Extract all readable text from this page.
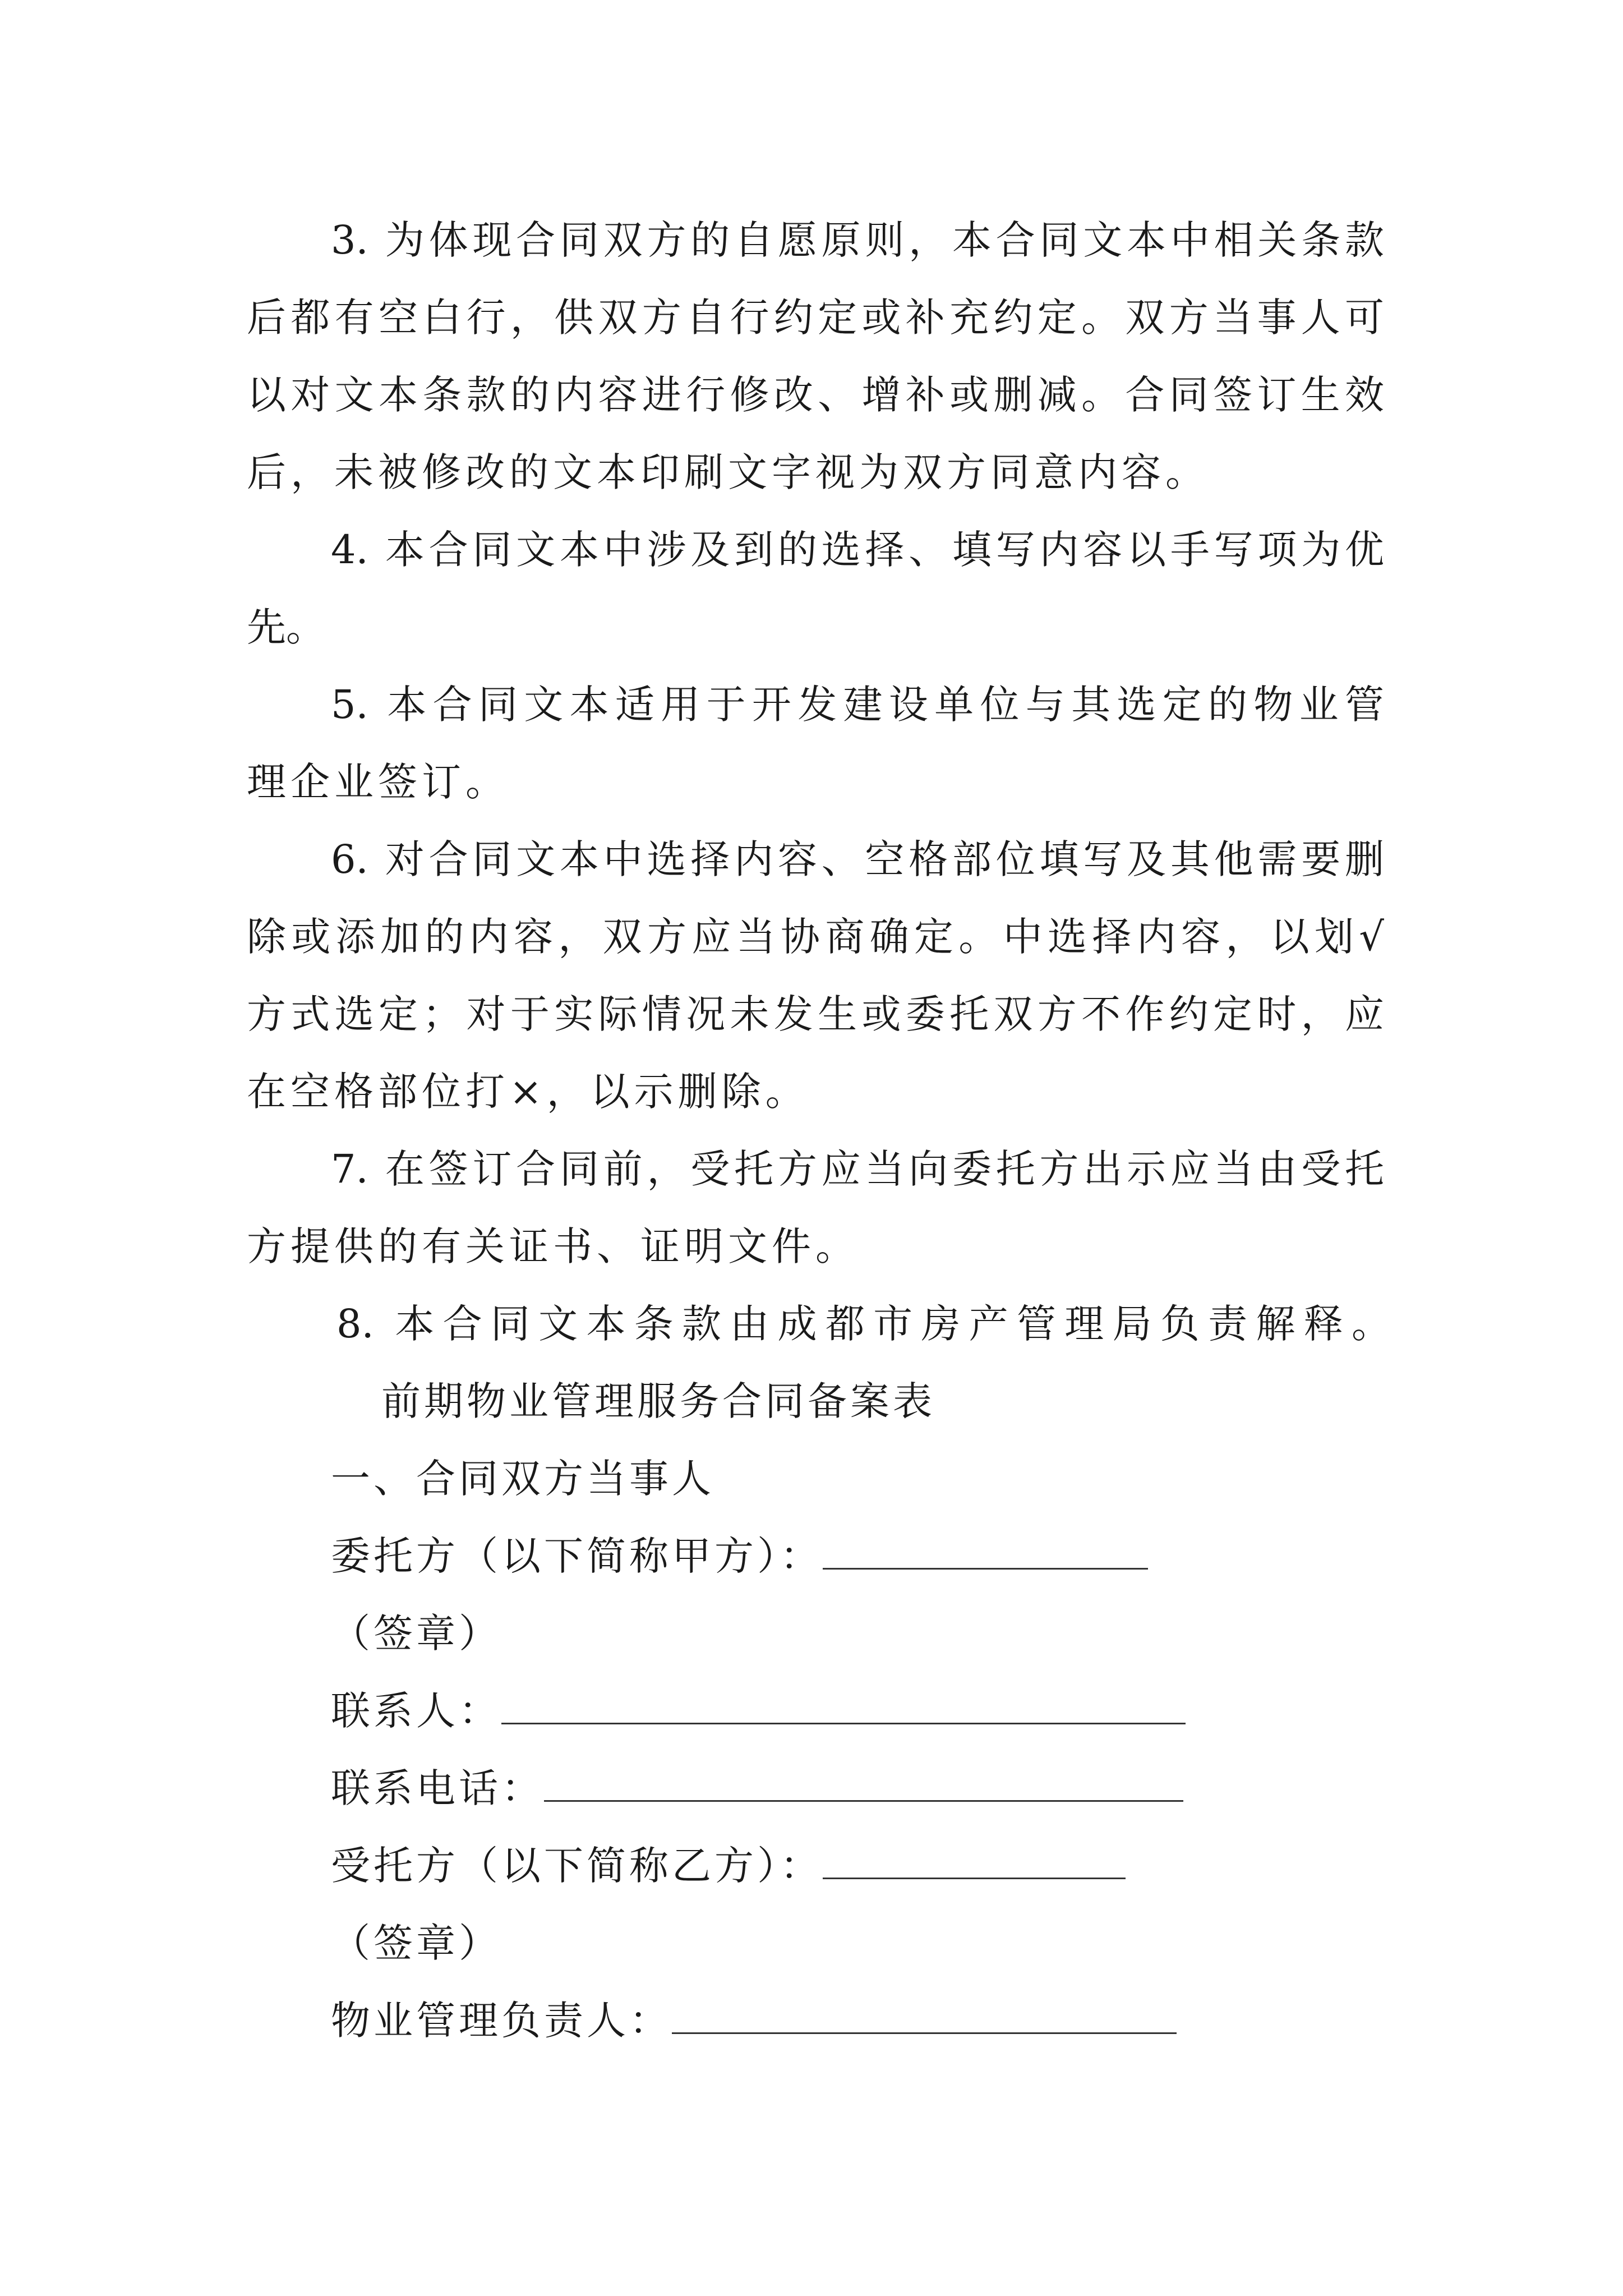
3. 为体现合同双方的自愿原则，本合同文本中相关条款
后都有空白行，供双方自行约定或补充约定。双方当事人可
以对文本条款的内容进行修改、增补或删减。合同签订生效
后，未被修改的文本印刷文字视为双方同意内容。
4. 本合同文本中涉及到的选择、填写内容以手写项为优
先。
5. 本合同文本适用于开发建设单位与其选定的物业管
理企业签订。
6. 对合同文本中选择内容、空格部位填写及其他需要删
除或添加的内容，双方应当协商确定。中选择内容，以划√
方式选定；对于实际情况未发生或委托双方不作约定时，应
在空格部位打×，以示删除。
7. 在签订合同前，受托方应当向委托方出示应当由受托
方提供的有关证书、证明文件。
8. 本合同文本条款由成都市房产管理局负责解释。
前期物业管理服务合同备案表
一、合同双方当事人
委托方（以下简称甲方）：
（签章）
联系人：
联系电话：
受托方（以下简称乙方）：
（签章）
物业管理负责人：
